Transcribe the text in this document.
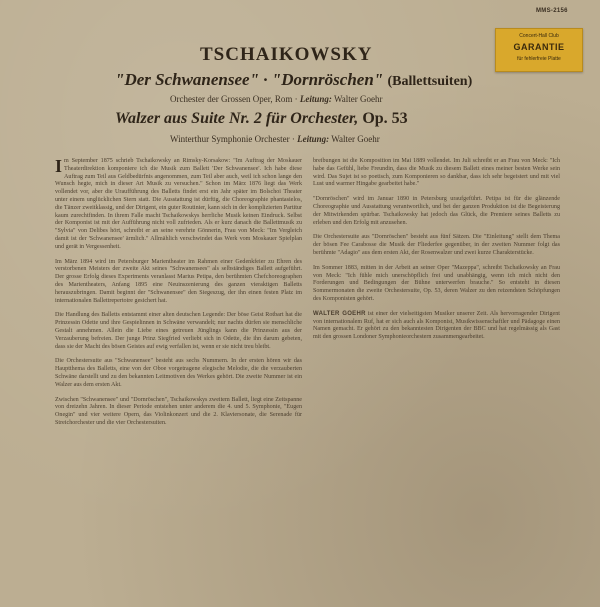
MMS-2156
Concert-Hall Club
GARANTIE
für fehlerfreie Platte
TSCHAIKOWSKY
"Der Schwanensee" · "Dornröschen" (Ballettsuiten)
Orchester der Grossen Oper, Rom · Leitung: Walter Goehr
Walzer aus Suite Nr. 2 für Orchester, Op. 53
Winterthur Symphonie Orchester · Leitung: Walter Goehr

Im September 1875 schrieb Tschaikowsky an Rimsky-Korsakow: "Im Auftrag der Moskauer Theaterdirektion komponiere ich die Musik zum Ballett 'Der Schwanensee'. Ich habe diese Auftrag zum Teil aus Geldbedürfnis angenommen, zum Teil aber auch, weil ich schon lange den Wunsch hegte, mich in dieser Art Musik zu versuchen." Schon im März 1876 liegt das Werk vollendet vor, aber die Uraufführung des Balletts findet erst ein Jahr später im Bolschoi Theater unter einem unglücklichen Stern statt. Die Ausstattung ist dürftig, die Choreographie phantasielos, die Tänzer zweitklassig, und der Dirigent, ein guter Routinier, kann sich in der komplizierten Partitur kaum zurechtfinden. In ihrem Falle macht Tschaikowskys herrliche Musik keinen Eindruck. Selbst der Komponist ist mit der Aufführung nicht voll zufrieden. Als er kurz danach die Ballettmusik zu "Sylvia" von Delibes hört, schreibt er an seine verehrte Gönnerin, Frau von Meck: "Im Vergleich damit ist der 'Schwanensee' ärmlich." Allmählich verschwindet das Werk vom Moskauer Spielplan und gerät in Vergessenheit.

Im März 1894 wird im Petersburger Marientheater im Rahmen einer Gedenkfeier zu Ehren des verstorbenen Meisters der zweite Akt seines "Schwanensees" als selbständiges Ballett aufgeführt. Der grosse Erfolg dieses Experiments veranlasst Marius Petipa, den berühmten Chefchoreographen des Marientheaters, Anfang 1895 eine Neuinszenierung des ganzen vieraktigen Balletts herauszubringen. Damit beginnt der "Schwanensee" den Siegeszug, der ihn einen festen Platz im internationalen Ballettrepertoire gesichert hat.

Die Handlung des Balletts entstammt einer alten deutschen Legende: Der böse Geist Rotbart hat die Prinzessin Odette und ihre Gespielinnen in Schwäne verwandelt; nur nachts dürfen sie menschliche Gestalt annehmen. Allein die Liebe eines getreuen Jünglings kann die Prinzessin aus der Verzauberung befreien. Der junge Prinz Siegfried verliebt sich in Odette, die ihn darum gebeten, dass sie der Macht des bösen Geistes auf ewig verfallen ist, wenn er sie nicht treu bleibt.

Die Orchestersuite aus "Schwanensee" besteht aus sechs Nummern. In der ersten hören wir das Hauptthema des Balletts, eine von der Oboe vorgetragene elegische Melodie, die die verzauberten Schwäne darstellt und zu den bekannten Leitmotiven des Werkes gehört. Die zweite Nummer ist ein Walzer aus dem ersten Akt.

Zwischen "Schwanensee" und "Dornröschen", Tschaikowskys zweitem Ballett, liegt eine Zeitspanne von dreizehn Jahren. In dieser Periode entstehen unter anderem die 4. und 5. Symphonie, "Eugen Onegin" und vier weitere Opern, das Violinkonzert und die 2. Klaviersonate, die Serenade für Streichorchester und die vier Orchestersuiten.

breibungen ist die Komposition im Mai 1889 vollendet. Im Juli schreibt er an Frau von Meck: "Ich habe das Gefühl, liebe Freundin, dass die Musik zu diesem Ballett eines meiner besten Werke sein wird. Das Sujet ist so poetisch, zum Komponieren so dankbar, dass ich sehr begeistert und mit viel Lust und warmer Hingabe gearbeitet habe."

"Dornröschen" wird im Januar 1890 in Petersburg uraufgeführt. Petipa ist für die glänzende Choreographie und Ausstattung verantwortlich, und bei der ganzen Produktion ist die Begeisterung der Mitwirkenden spürbar. Tschaikowsky hat jedoch das Glück, die Premiere seines Balletts zu erleben und den Erfolg mit anzusehen.

Die Orchestersuite aus "Dornröschen" besteht aus fünf Sätzen. Die "Einleitung" stellt dem Thema der bösen Fee Carabosse die Musik der Fliederfee gegenüber, in der zweiten Nummer folgt das berühmte "Adagio" aus dem ersten Akt, der Rosenwalzer und zwei kurze Charakterstücke.

Im Sommer 1883, mitten in der Arbeit an seiner Oper "Mazeppa", schreibt Tschaikowsky an Frau von Meck: "Ich fühle mich unerschöpflich frei und unabhängig, wenn ich mich nicht den Forderungen und Bedingungen der Bühne unterwerfen brauche." So entsteht in diesen Sommermonaten die zweite Orchestersuite, Op. 53, deren Walzer zu den reizendsten Schöpfungen des Komponisten gehört.

WALTER GOEHR ist einer der vielseitigsten Musiker unserer Zeit. Als hervorragender Dirigent von internationalem Ruf, hat er sich auch als Komponist, Musikwissenschaftler und Pädagoge einen Namen gemacht. Er gehört zu den bekanntesten Dirigenten der BBC und hat regelmässig als Gast mit den grossen Londoner Symphonieorchestern zusammengearbeitet.
